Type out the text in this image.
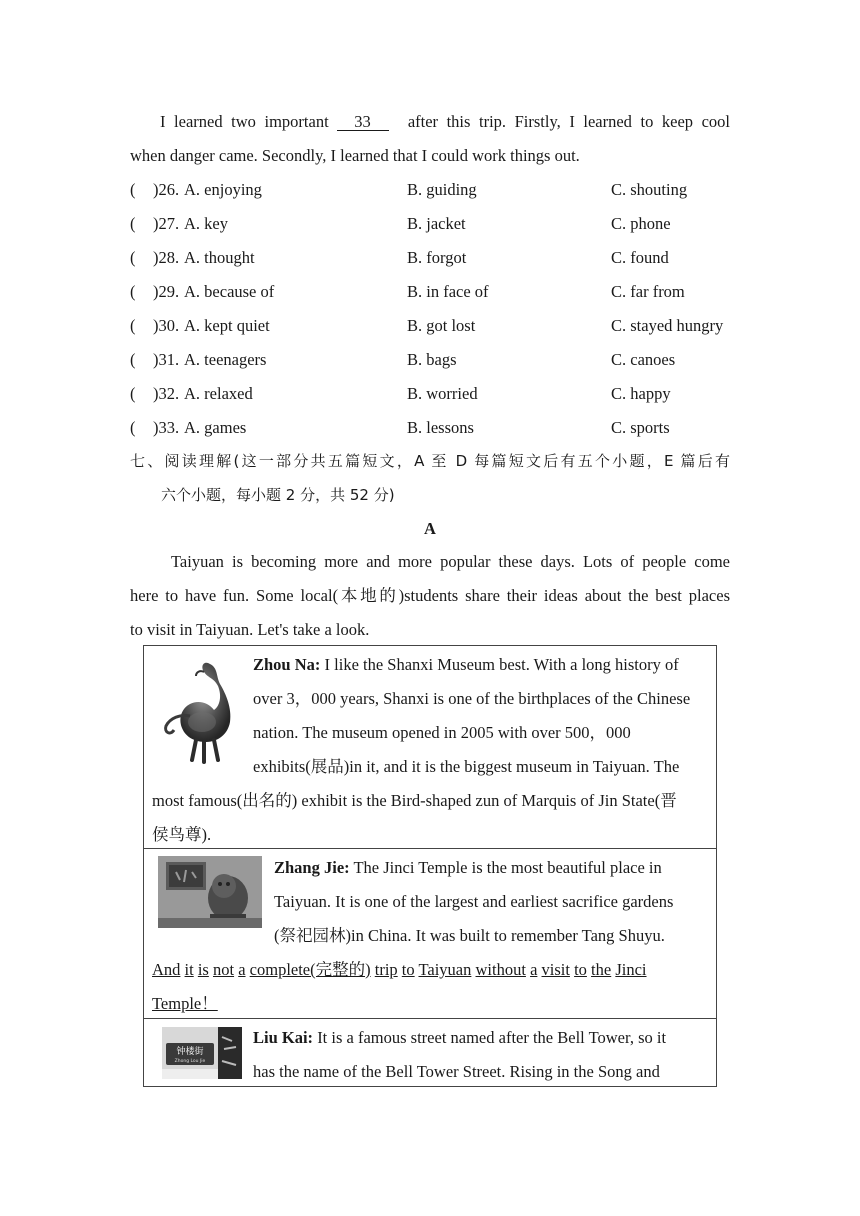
I learned two important 33 after this trip. Firstly, I learned to keep cool
when danger came. Secondly, I learned that I could work things out.
( )26. A. enjoying	B. guiding	C. shouting
( )27. A. key	B. jacket	C. phone
( )28. A. thought	B. forgot	C. found
( )29. A. because of	B. in face of	C. far from
( )30. A. kept quiet	B. got lost	C. stayed hungry
( )31. A. teenagers	B. bags	C. canoes
( )32. A. relaxed	B. worried	C. happy
( )33. A. games	B. lessons	C. sports
七、阅读理解(这一部分共五篇短文，A 至 D 每篇短文后有五个小题，E 篇后有
六个小题，每小题 2 分，共 52 分)
A
Taiyuan is becoming more and more popular these days. Lots of people come
here to have fun. Some local(本地的)students share their ideas about the best places
to visit in Taiyuan. Let's take a look.
Zhou Na: I like the Shanxi Museum best. With a long history of
over 3，000 years, Shanxi is one of the birthplaces of the Chinese
nation. The museum opened in 2005 with over 500，000
exhibits(展品)in it, and it is the biggest museum in Taiyuan. The
most famous(出名的) exhibit is the Bird-shaped zun of Marquis of Jin State(晋
侯鸟尊).
Zhang Jie: The Jinci Temple is the most beautiful place in
Taiyuan. It is one of the largest and earliest sacrifice gardens
(祭祀园林)in China. It was built to remember Tang Shuyu.
And it is not a complete(完整的) trip to Taiyuan without a visit to the Jinci
Temple！
钟楼街
Zhong Lou Jie
Liu Kai: It is a famous street named after the Bell Tower, so it
has the name of the Bell Tower Street. Rising in the Song and
